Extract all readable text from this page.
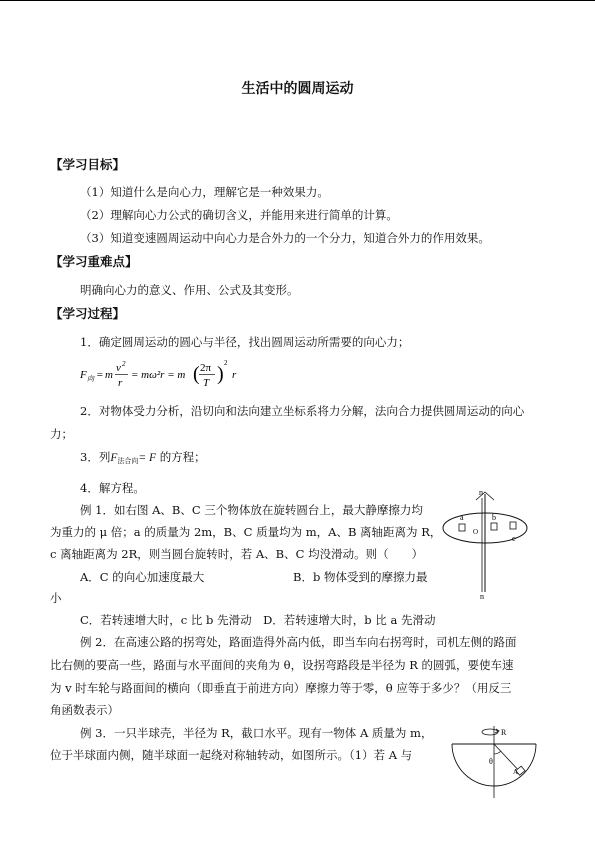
生活中的圆周运动
【学习目标】
（1）知道什么是向心力，理解它是一种效果力。
（2）理解向心力公式的确切含义，并能用来进行简单的计算。
（3）知道变速圆周运动中向心力是合外力的一个分力，知道合外力的作用效果。
【学习重难点】
明确向心力的意义、作用、公式及其变形。
【学习过程】
1．确定圆周运动的圆心与半径，找出圆周运动所需要的向心力；
F 向 = m
v 2
r
= mω²r = m ( 2π
T ) 2
r
2．对物体受力分析，沿切向和法向建立坐标系将力分解，法向合力提供圆周运动的向心
力；
3．列F法合向= F 的方程；
4．解方程。
例 1．如右图 A、B、C 三个物体放在旋转圆台上，最大静摩擦力均
为重力的 μ 倍；a 的质量为 2m，B、C 质量均为 m，A、B 离轴距离为 R，
c 离轴距离为 2R，则当圆台旋转时，若 A、B、C 均没滑动。则（　　）
A．C 的向心加速度最大	B．b 物体受到的摩擦力最
小
C．若转速增大时，c 比 b 先滑动　D．若转速增大时，b 比 a 先滑动
n
a	b
c
O
n
例 2．在高速公路的拐弯处，路面造得外高内低，即当车向右拐弯时，司机左侧的路面
比右侧的要高一些，路面与水平面间的夹角为 θ，设拐弯路段是半径为 R 的圆弧，要使车速
为 v 时车轮与路面间的横向（即垂直于前进方向）摩擦力等于零，θ 应等于多少？（用反三
角函数表示）
例 3．一只半球壳，半径为 R，截口水平。现有一物体 A 质量为 m，
位于半球面内侧，随半球面一起绕对称轴转动，如图所示。（1）若 A 与
R
θ
A
